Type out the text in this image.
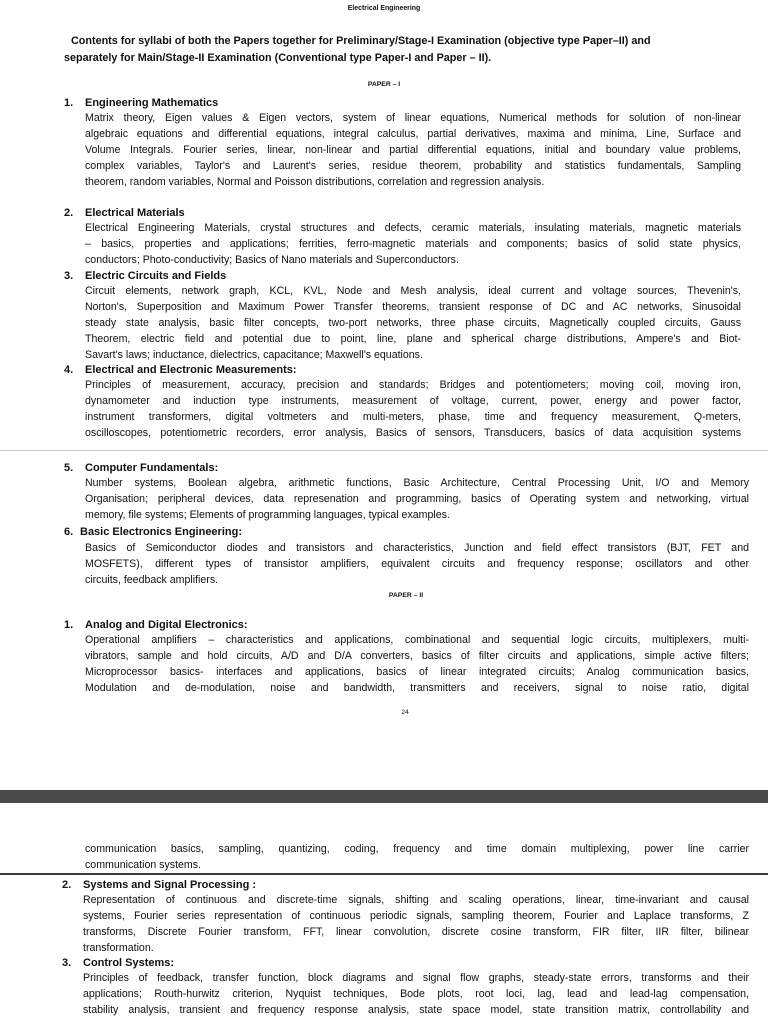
Electrical Engineering
Contents for syllabi of both the Papers together for Preliminary/Stage-I Examination (objective type Paper–II) and
separately for Main/Stage-II Examination (Conventional type Paper-I and Paper – II).
PAPER – I
1. Engineering Mathematics
Matrix theory, Eigen values & Eigen vectors, system of linear equations, Numerical methods for solution of non-linear
algebraic equations and differential equations, integral calculus, partial derivatives, maxima and minima, Line, Surface and
Volume Integrals. Fourier series, linear, non-linear and partial differential equations, initial and boundary value problems,
complex variables, Taylor's and Laurent's series, residue theorem, probability and statistics fundamentals, Sampling
theorem, random variables, Normal and Poisson distributions, correlation and regression analysis.
2. Electrical Materials
Electrical Engineering Materials, crystal structures and defects, ceramic materials, insulating materials, magnetic materials
– basics, properties and applications; ferrities, ferro-magnetic materials and components; basics of solid state physics,
conductors; Photo-conductivity; Basics of Nano materials and Superconductors.
3. Electric Circuits and Fields
Circuit elements, network graph, KCL, KVL, Node and Mesh analysis, ideal current and voltage sources, Thevenin's,
Norton's, Superposition and Maximum Power Transfer theorems, transient response of DC and AC networks, Sinusoidal
steady state analysis, basic filter concepts, two-port networks, three phase circuits, Magnetically coupled circuits, Gauss
Theorem, electric field and potential due to point, line, plane and spherical charge distributions, Ampere's and Biot-
Savart's laws; inductance, dielectrics, capacitance; Maxwell's equations.
4. Electrical and Electronic Measurements:
Principles of measurement, accuracy, precision and standards; Bridges and potentiometers; moving coil, moving iron,
dynamometer and induction type instruments, measurement of voltage, current, power, energy and power factor,
instrument transformers, digital voltmeters and multi-meters, phase, time and frequency measurement, Q-meters,
oscilloscopes, potentiometric recorders, error analysis, Basics of sensors, Transducers, basics of data acquisition systems
5. Computer Fundamentals:
Number systems, Boolean algebra, arithmetic functions, Basic Architecture, Central Processing Unit, I/O and Memory
Organisation; peripheral devices, data represenation and programming, basics of Operating system and networking, virtual
memory, file systems; Elements of programming languages, typical examples.
6. Basic Electronics Engineering:
Basics of Semiconductor diodes and transistors and characteristics, Junction and field effect transistors (BJT, FET and
MOSFETS), different types of transistor amplifiers, equivalent circuits and frequency response; oscillators and other
circuits, feedback amplifiers.
PAPER – II
1. Analog and Digital Electronics:
Operational amplifiers – characteristics and applications, combinational and sequential logic circuits, multiplexers, multi-
vibrators, sample and hold circuits, A/D and D/A converters, basics of filter circuits and applications, simple active filters;
Microprocessor basics- interfaces and applications, basics of linear integrated circuits; Analog communication basics,
Modulation and de-modulation, noise and bandwidth, transmitters and receivers, signal to noise ratio, digital
24
communication basics, sampling, quantizing, coding, frequency and time domain multiplexing, power line carrier
communication systems.
2. Systems and Signal Processing :
Representation of continuous and discrete-time signals, shifting and scaling operations, linear, time-invariant and causal
systems, Fourier series representation of continuous periodic signals, sampling theorem, Fourier and Laplace transforms, Z
transforms, Discrete Fourier transform, FFT, linear convolution, discrete cosine transform, FIR filter, IIR filter, bilinear
transformation.
3. Control Systems:
Principles of feedback, transfer function, block diagrams and signal flow graphs, steady-state errors, transforms and their
applications; Routh-hurwitz criterion, Nyquist techniques, Bode plots, root loci, lag, lead and lead-lag compensation,
stability analysis, transient and frequency response analysis, state space model, state transition matrix, controllability and
